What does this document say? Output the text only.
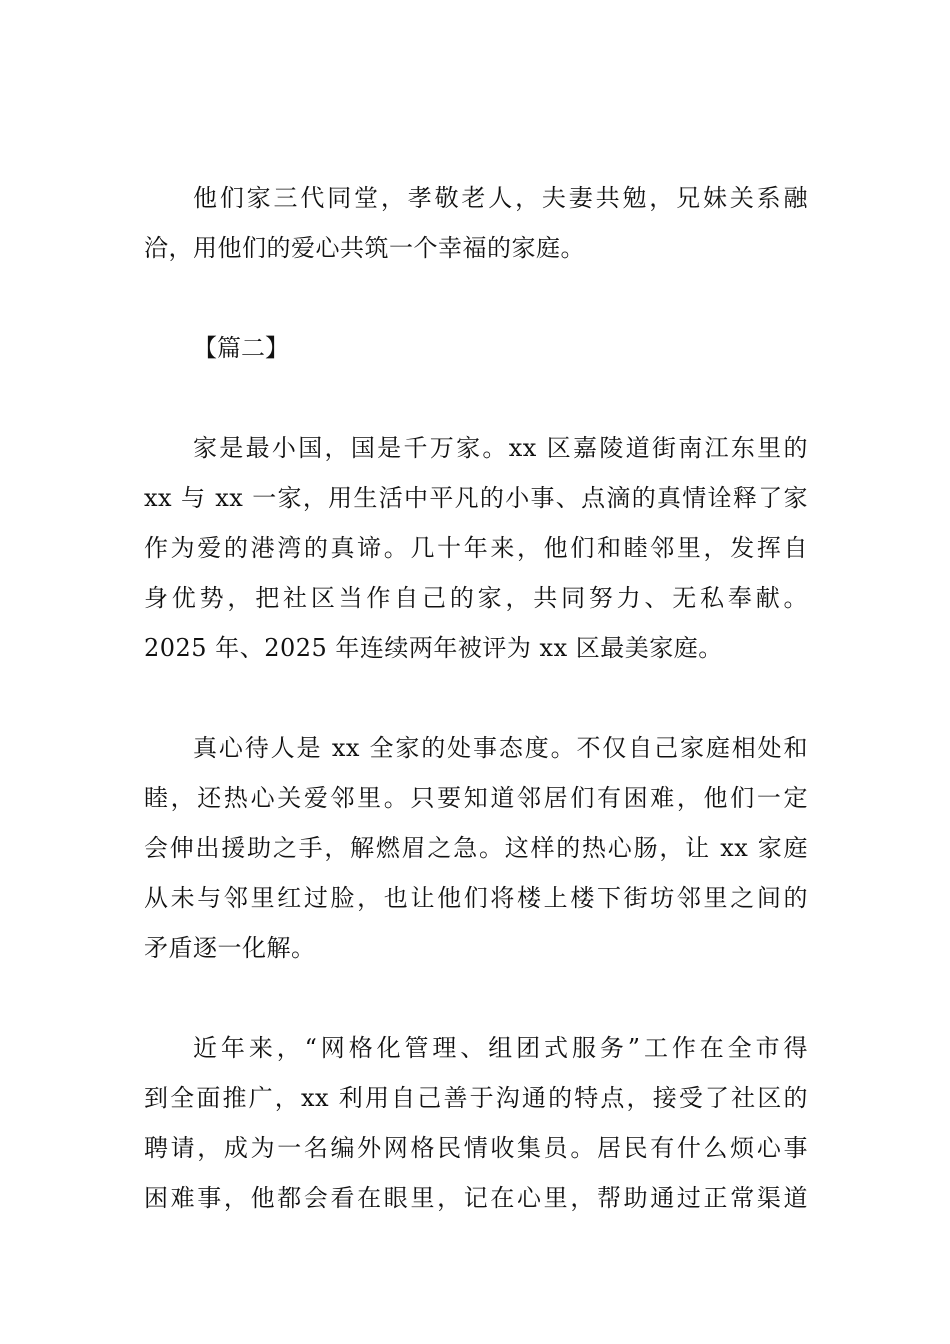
他们家三代同堂，孝敬老人，夫妻共勉，兄妹关系融
洽，用他们的爱心共筑一个幸福的家庭。
【篇二】
家是最小国，国是千万家。xx 区嘉陵道街南江东里的
xx 与 xx 一家，用生活中平凡的小事、点滴的真情诠释了家
作为爱的港湾的真谛。几十年来，他们和睦邻里，发挥自
身优势，把社区当作自己的家，共同努力、无私奉献。
2025 年、2025 年连续两年被评为 xx 区最美家庭。
真心待人是 xx 全家的处事态度。不仅自己家庭相处和
睦，还热心关爱邻里。只要知道邻居们有困难，他们一定
会伸出援助之手，解燃眉之急。这样的热心肠，让 xx 家庭
从未与邻里红过脸，也让他们将楼上楼下街坊邻里之间的
矛盾逐一化解。
近年来，“网格化管理、组团式服务”工作在全市得
到全面推广，xx 利用自己善于沟通的特点，接受了社区的
聘请，成为一名编外网格民情收集员。居民有什么烦心事
困难事，他都会看在眼里，记在心里，帮助通过正常渠道
